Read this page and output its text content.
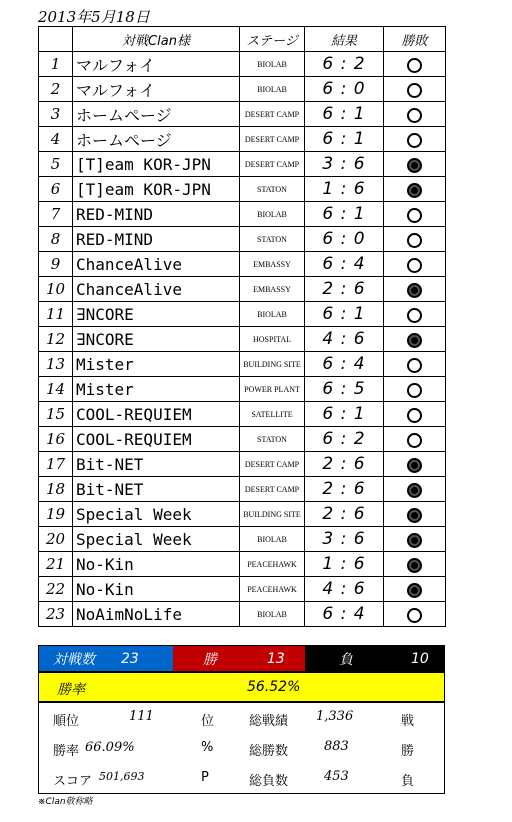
2013年5月18日
	対戦Clan様	ステージ	結果	勝敗
1	マルフォイ	BIOLAB	6 : 2	
2	マルフォイ	BIOLAB	6 : 0	
3	ホームページ	DESERT CAMP	6 : 1	
4	ホームページ	DESERT CAMP	6 : 1	
5	[T]eam KOR-JPN	DESERT CAMP	3 : 6	
6	[T]eam KOR-JPN	STATON	1 : 6	
7	RED-MIND	BIOLAB	6 : 1	
8	RED-MIND	STATON	6 : 0	
9	ChanceAlive	EMBASSY	6 : 4	
10	ChanceAlive	EMBASSY	2 : 6	
11	∃NCORE	BIOLAB	6 : 1	
12	∃NCORE	HOSPITAL	4 : 6	
13	Mister	BUILDING SITE	6 : 4	
14	Mister	POWER PLANT	6 : 5	
15	COOL-REQUIEM	SATELLITE	6 : 1	
16	COOL-REQUIEM	STATON	6 : 2	
17	Bit-NET	DESERT CAMP	2 : 6	
18	Bit-NET	DESERT CAMP	2 : 6	
19	Special Week	BUILDING SITE	2 : 6	
20	Special Week	BIOLAB	3 : 6	
21	No-Kin	PEACEHAWK	1 : 6	
22	No-Kin	PEACEHAWK	4 : 6	
23	NoAimNoLife	BIOLAB	6 : 4	
対戦数 23	勝	13	負	10
勝率	56.52%
順位	111	位	総戦績 1,336	戦
勝率 66.09%	%	総勝数	883	勝
スコア 501,693	P	総負数	453	負
※Clan敬称略
